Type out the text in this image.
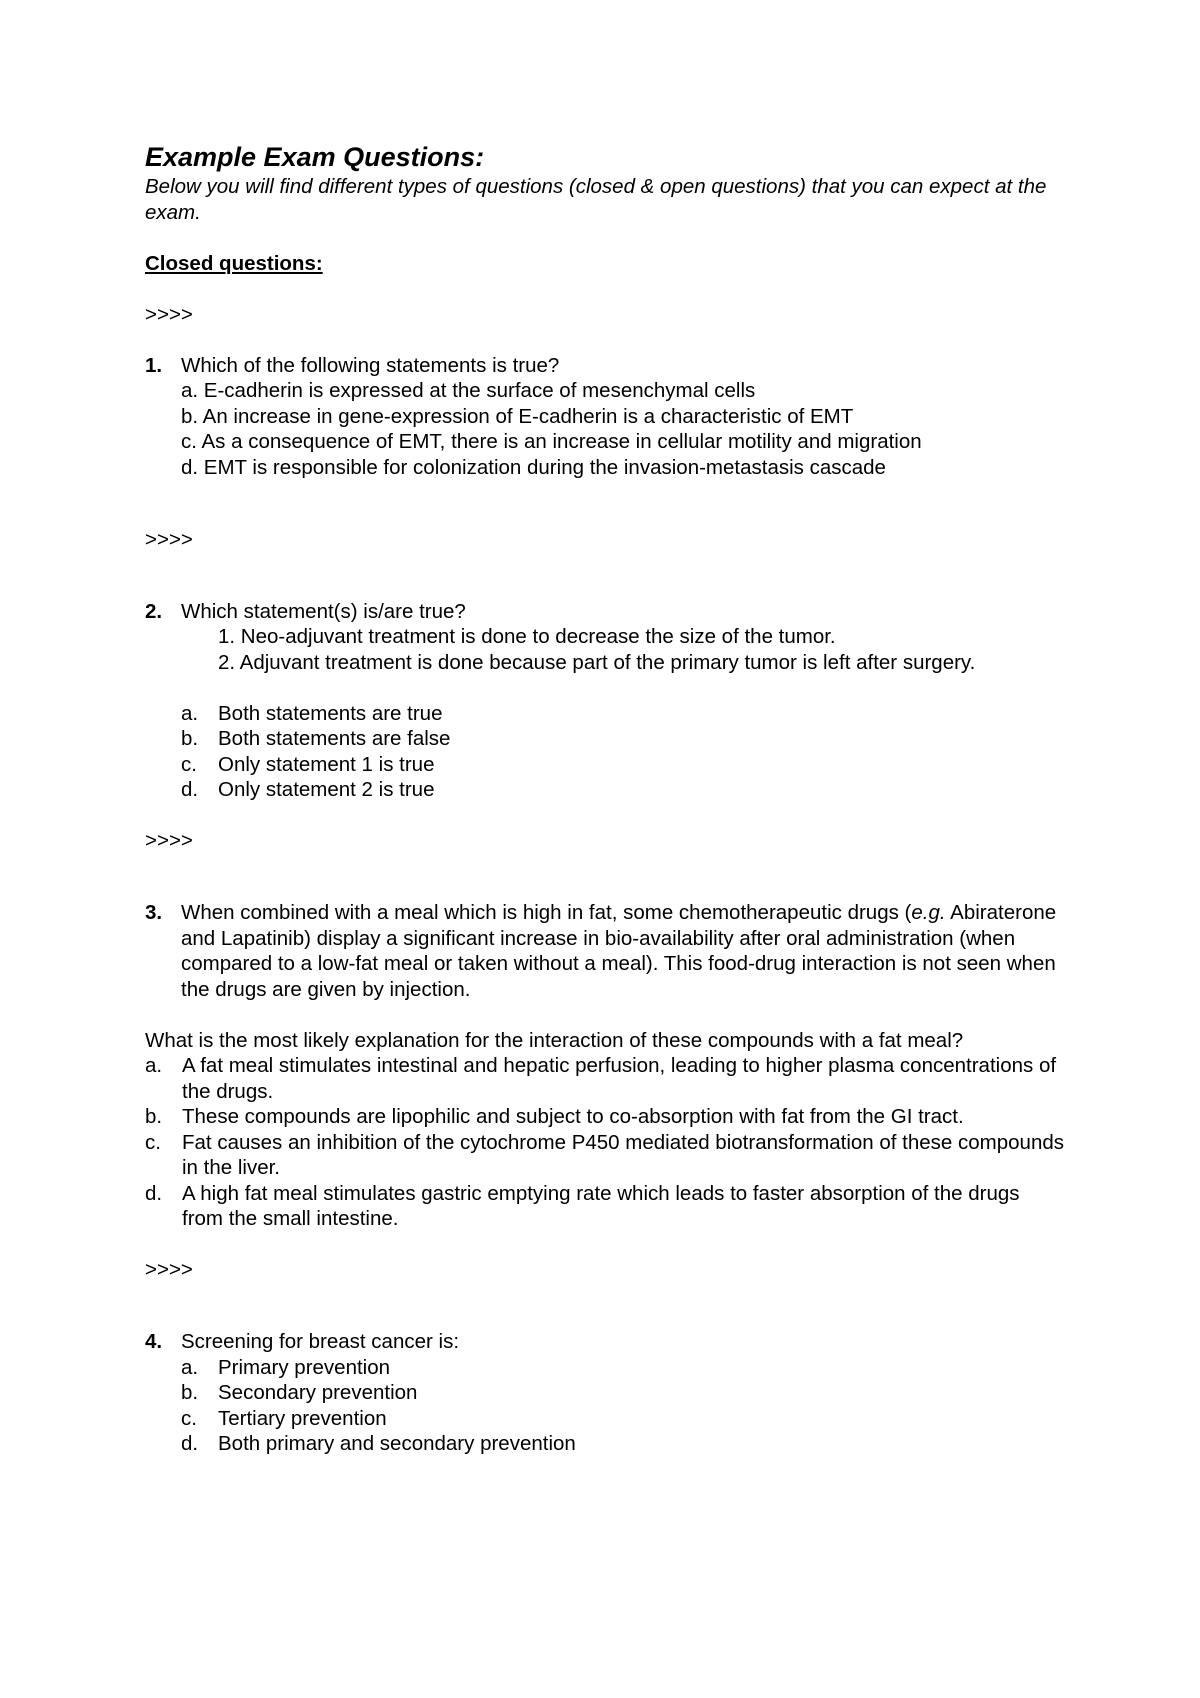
Example Exam Questions:

Below you will find different types of questions (closed & open questions) that you can expect at the exam.

Closed questions:

>>>>

1. Which of the following statements is true?
a. E-cadherin is expressed at the surface of mesenchymal cells
b. An increase in gene-expression of E-cadherin is a characteristic of EMT
c. As a consequence of EMT, there is an increase in cellular motility and migration
d. EMT is responsible for colonization during the invasion-metastasis cascade

>>>>

2. Which statement(s) is/are true?
1. Neo-adjuvant treatment is done to decrease the size of the tumor.
2. Adjuvant treatment is done because part of the primary tumor is left after surgery.
a. Both statements are true
b. Both statements are false
c.	Only statement 1 is true
d. Only statement 2 is true

>>>>

3. When combined with a meal which is high in fat, some chemotherapeutic drugs (e.g. Abiraterone and Lapatinib) display a significant increase in bio-availability after oral administration (when compared to a low-fat meal or taken without a meal). This food-drug interaction is not seen when the drugs are given by injection.

What is the most likely explanation for the interaction of these compounds with a fat meal?

a. A fat meal stimulates intestinal and hepatic perfusion, leading to higher plasma concentrations of the drugs.
b. These compounds are lipophilic and subject to co-absorption with fat from the GI tract.
c.	Fat causes an inhibition of the cytochrome P450 mediated biotransformation of these compounds in the liver.
d. A high fat meal stimulates gastric emptying rate which leads to faster absorption of the drugs from the small intestine.

>>>>

4. Screening for breast cancer is:
a. Primary prevention
b. Secondary prevention
c.	Tertiary prevention
d. Both primary and secondary prevention
